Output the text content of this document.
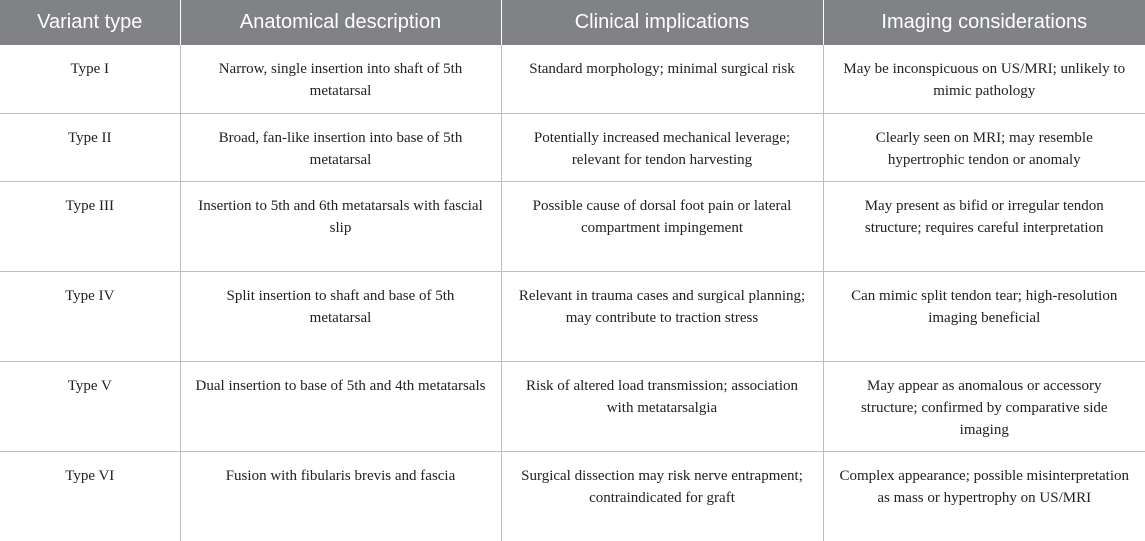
Variant type	Anatomical description	Clinical implications	Imaging considerations
Type I	Narrow, single insertion into shaft of 5th metatarsal	Standard morphology; minimal surgical risk	May be inconspicuous on US/MRI; unlikely to mimic pathology
Type II	Broad, fan-like insertion into base of 5th metatarsal	Potentially increased mechanical leverage; relevant for tendon harvesting	Clearly seen on MRI; may resemble hypertrophic tendon or anomaly
Type III	Insertion to 5th and 6th metatarsals with fascial slip	Possible cause of dorsal foot pain or lateral compartment impingement	May present as bifid or irregular tendon structure; requires careful interpretation
Type IV	Split insertion to shaft and base of 5th metatarsal	Relevant in trauma cases and surgical planning; may contribute to traction stress	Can mimic split tendon tear; high-resolution imaging beneficial
Type V	Dual insertion to base of 5th and 4th metatarsals	Risk of altered load transmission; association with metatarsalgia	May appear as anomalous or accessory structure; confirmed by comparative side imaging
Type VI	Fusion with fibularis brevis and fascia	Surgical dissection may risk nerve entrapment; contraindicated for graft	Complex appearance; possible misinterpretation as mass or hypertrophy on US/MRI
